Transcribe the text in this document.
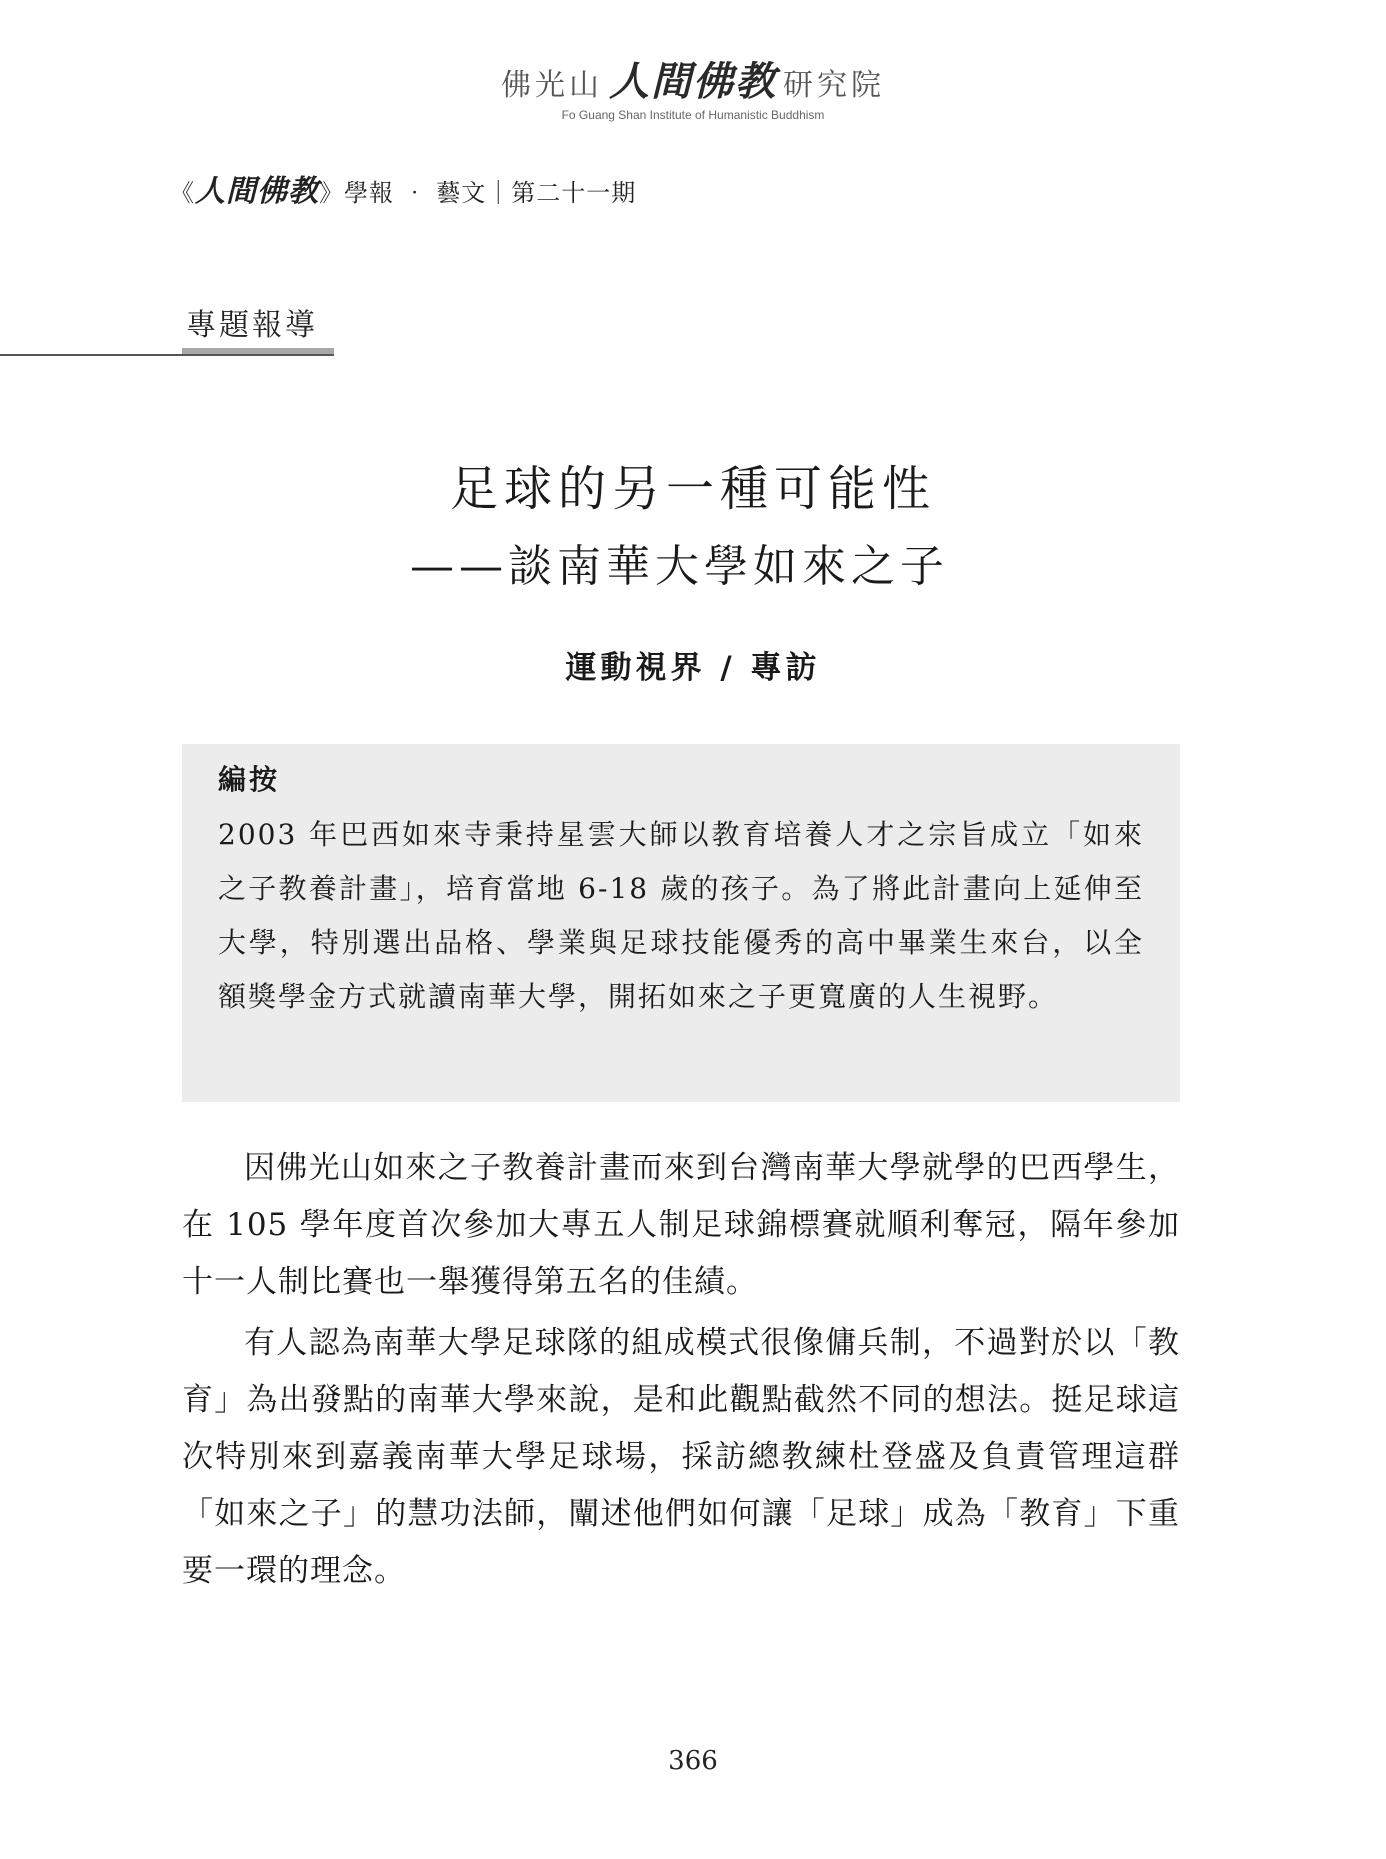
佛光山 人間佛教 研究院
Fo Guang Shan Institute of Humanistic Buddhism
《人間佛教》學報 ‧ 藝文｜第二十一期
專題報導
足球的另一種可能性
——談南華大學如來之子
運動視界 / 專訪
編按
2003 年巴西如來寺秉持星雲大師以教育培養人才之宗旨成立「如來之子教養計畫」，培育當地 6-18 歲的孩子。為了將此計畫向上延伸至大學，特別選出品格、學業與足球技能優秀的高中畢業生來台，以全額獎學金方式就讀南華大學，開拓如來之子更寬廣的人生視野。

因佛光山如來之子教養計畫而來到台灣南華大學就學的巴西學生，在 105 學年度首次參加大專五人制足球錦標賽就順利奪冠，隔年參加十一人制比賽也一舉獲得第五名的佳績。

有人認為南華大學足球隊的組成模式很像傭兵制，不過對於以「教育」為出發點的南華大學來說，是和此觀點截然不同的想法。挺足球這次特別來到嘉義南華大學足球場，採訪總教練杜登盛及負責管理這群「如來之子」的慧功法師，闡述他們如何讓「足球」成為「教育」下重要一環的理念。

366
